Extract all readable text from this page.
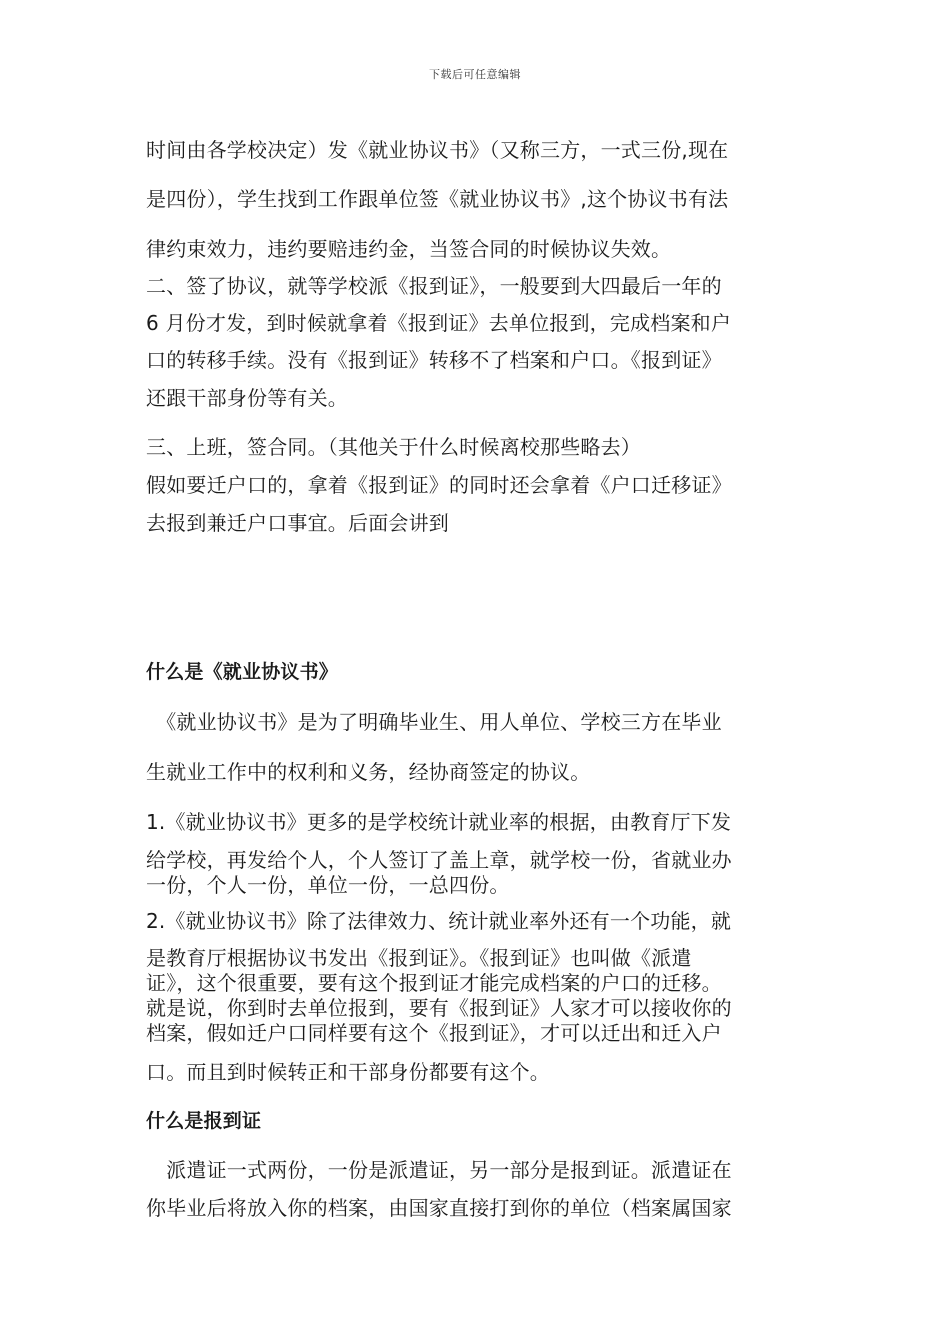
下载后可任意编辑
时间由各学校决定）发《就业协议书》（又称三方，一式三份,现在
是四份），学生找到工作跟单位签《就业协议书》,这个协议书有法
律约束效力，违约要赔违约金，当签合同的时候协议失效。
二、签了协议，就等学校派《报到证》，一般要到大四最后一年的
6 月份才发，到时候就拿着《报到证》去单位报到，完成档案和户
口的转移手续。没有《报到证》转移不了档案和户口。《报到证》
还跟干部身份等有关。
三、上班，签合同。（其他关于什么时候离校那些略去）
假如要迁户口的，拿着《报到证》的同时还会拿着《户口迁移证》
去报到兼迁户口事宜。后面会讲到
什么是《就业协议书》
　《就业协议书》是为了明确毕业生、用人单位、学校三方在毕业
生就业工作中的权利和义务，经协商签定的协议。
1.《就业协议书》更多的是学校统计就业率的根据，由教育厅下发
给学校，再发给个人，个人签订了盖上章，就学校一份，省就业办
一份，个人一份，单位一份，一总四份。
2.《就业协议书》除了法律效力、统计就业率外还有一个功能，就
是教育厅根据协议书发出《报到证》。《报到证》也叫做《派遣
证》，这个很重要，要有这个报到证才能完成档案的户口的迁移。
就是说，你到时去单位报到，要有《报到证》人家才可以接收你的
档案，假如迁户口同样要有这个《报到证》，才可以迁出和迁入户
口。而且到时候转正和干部身份都要有这个。
什么是报到证
　派遣证一式两份，一份是派遣证，另一部分是报到证。派遣证在
你毕业后将放入你的档案，由国家直接打到你的单位（档案属国家
